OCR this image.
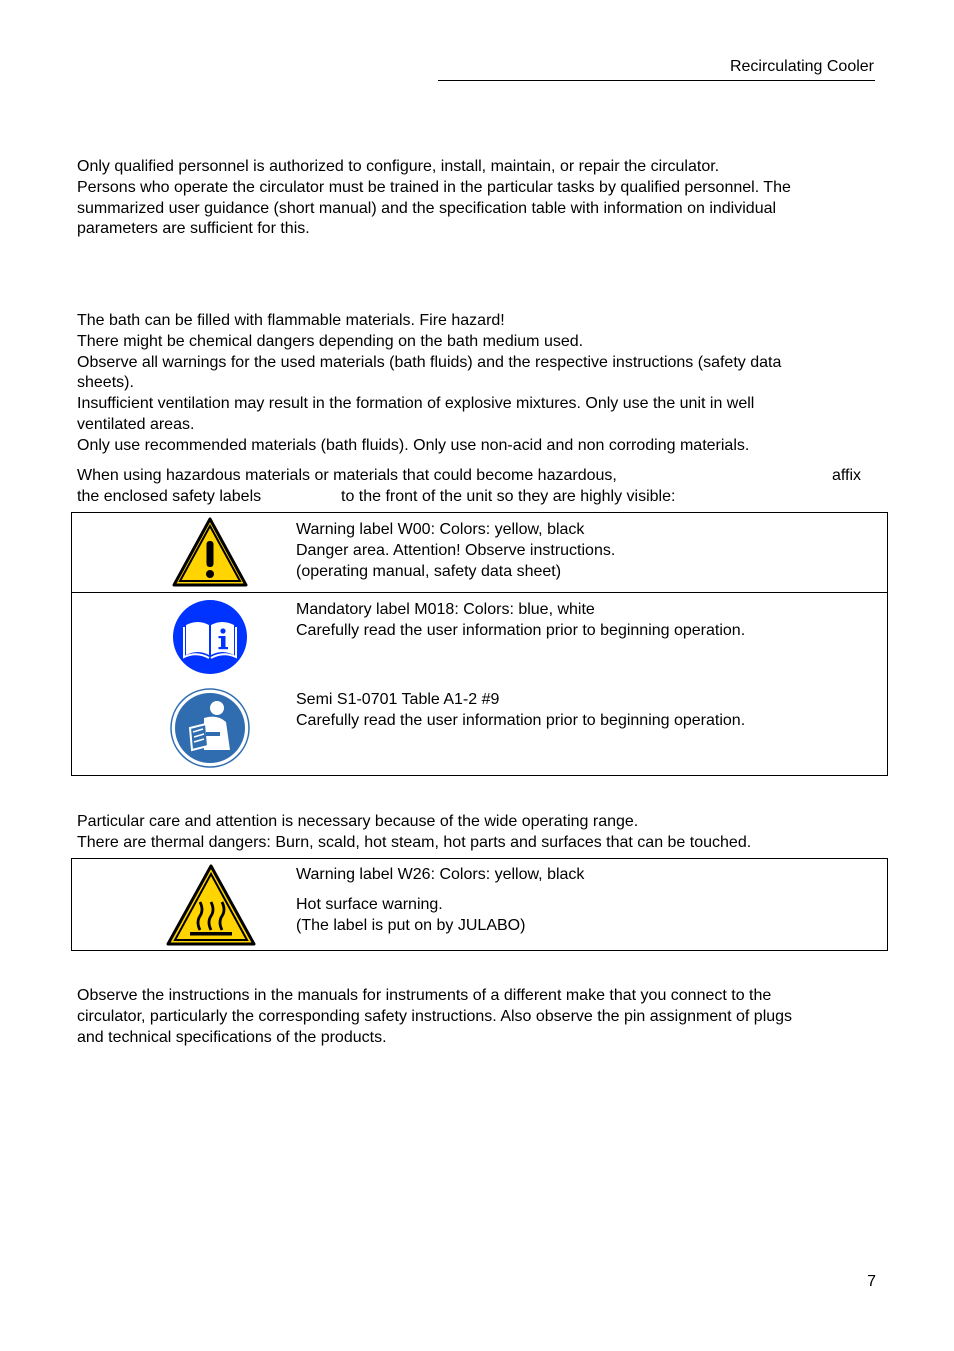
Recirculating Cooler

Only qualified personnel is authorized to configure, install, maintain, or repair the circulator.

Persons who operate the circulator must be trained in the particular tasks by qualified personnel. The

summarized user guidance (short manual) and the specification table with information on individual

parameters are sufficient for this.

The bath can be filled with flammable materials. Fire hazard!

There might be chemical dangers depending on the bath medium used.

Observe all warnings for the used materials (bath fluids) and the respective instructions (safety data

sheets).

Insufficient ventilation may result in the formation of explosive mixtures. Only use the unit in well

ventilated areas.

Only use recommended materials (bath fluids). Only use non-acid and non corroding materials.

When using hazardous materials or materials that could become hazardous,	affix
the enclosed safety labels	to the front of the unit so they are highly visible:

Warning label W00: Colors: yellow, black

Danger area. Attention! Observe instructions.

(operating manual, safety data sheet)

Mandatory label M018: Colors: blue, white

Carefully read the user information prior to beginning operation.

Semi S1-0701 Table A1-2 #9

Carefully read the user information prior to beginning operation.

Particular care and attention is necessary because of the wide operating range.

There are thermal dangers: Burn, scald, hot steam, hot parts and surfaces that can be touched.

Warning label W26: Colors: yellow, black

Hot surface warning.

(The label is put on by JULABO)

Observe the instructions in the manuals for instruments of a different make that you connect to the

circulator, particularly the corresponding safety instructions. Also observe the pin assignment of plugs

and technical specifications of the products.

7
